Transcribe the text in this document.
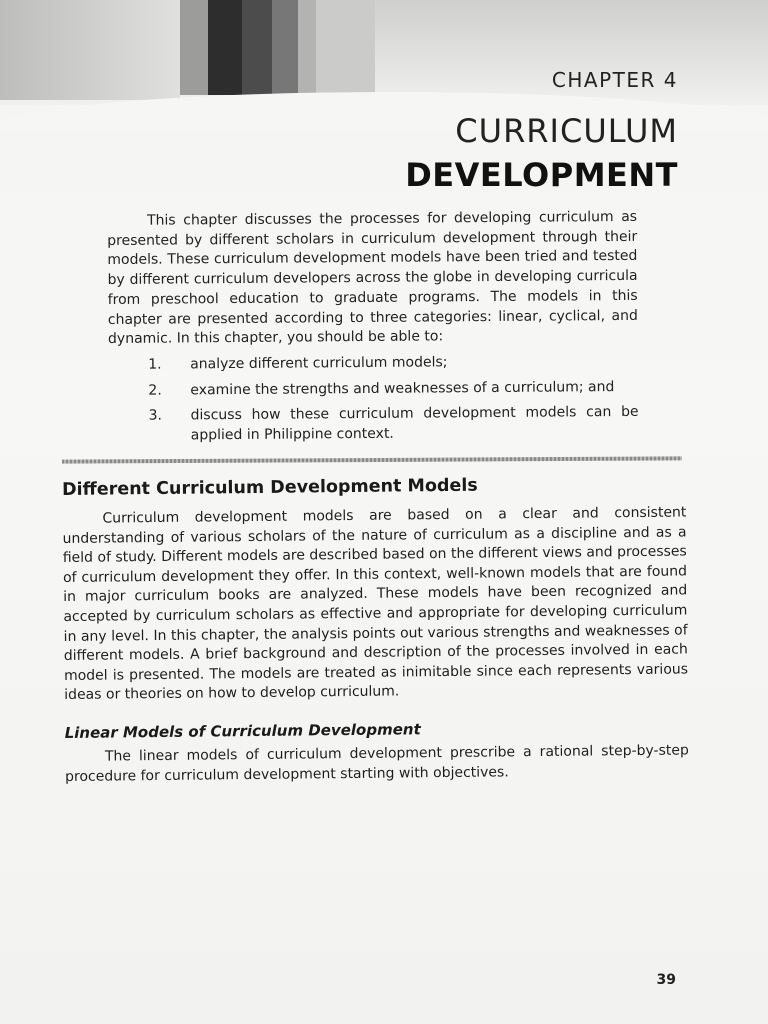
CHAPTER 4
CURRICULUM
DEVELOPMENT

This chapter discusses the processes for developing curriculum as presented by different scholars in curriculum development through their models. These curriculum development models have been tried and tested by different curriculum developers across the globe in developing curricula from preschool education to graduate programs. The models in this chapter are presented according to three categories: linear, cyclical, and dynamic. In this chapter, you should be able to:

1.	analyze different curriculum models;
2.	examine the strengths and weaknesses of a curriculum; and
3.	discuss how these curriculum development models can be applied in Philippine context.
Different Curriculum Development Models

Curriculum development models are based on a clear and consistent understanding of various scholars of the nature of curriculum as a discipline and as a field of study. Different models are described based on the different views and processes of curriculum development they offer. In this context, well-known models that are found in major curriculum books are analyzed. These models have been recognized and accepted by curriculum scholars as effective and appropriate for developing curriculum in any level. In this chapter, the analysis points out various strengths and weaknesses of different models. A brief background and description of the processes involved in each model is presented. The models are treated as inimitable since each represents various ideas or theories on how to develop curriculum.

Linear Models of Curriculum Development

The linear models of curriculum development prescribe a rational step-by-step procedure for curriculum development starting with objectives.

39
